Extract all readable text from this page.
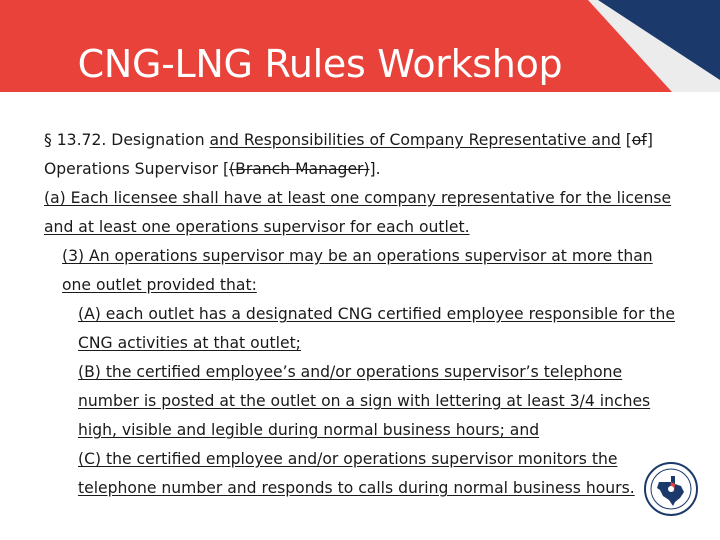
CNG-LNG Rules Workshop

§ 13.72. Designation and Responsibilities of Company Representative and [of] Operations Supervisor [(Branch Manager)].

(a) Each licensee shall have at least one company representative for the license and at least one operations supervisor for each outlet.

(3) An operations supervisor may be an operations supervisor at more than one outlet provided that:

(A) each outlet has a designated CNG certified employee responsible for the CNG activities at that outlet;

(B) the certified employee’s and/or operations supervisor’s telephone number is posted at the outlet on a sign with lettering at least 3/4 inches high, visible and legible during normal business hours; and

(C) the certified employee and/or operations supervisor monitors the telephone number and responds to calls during normal business hours.
